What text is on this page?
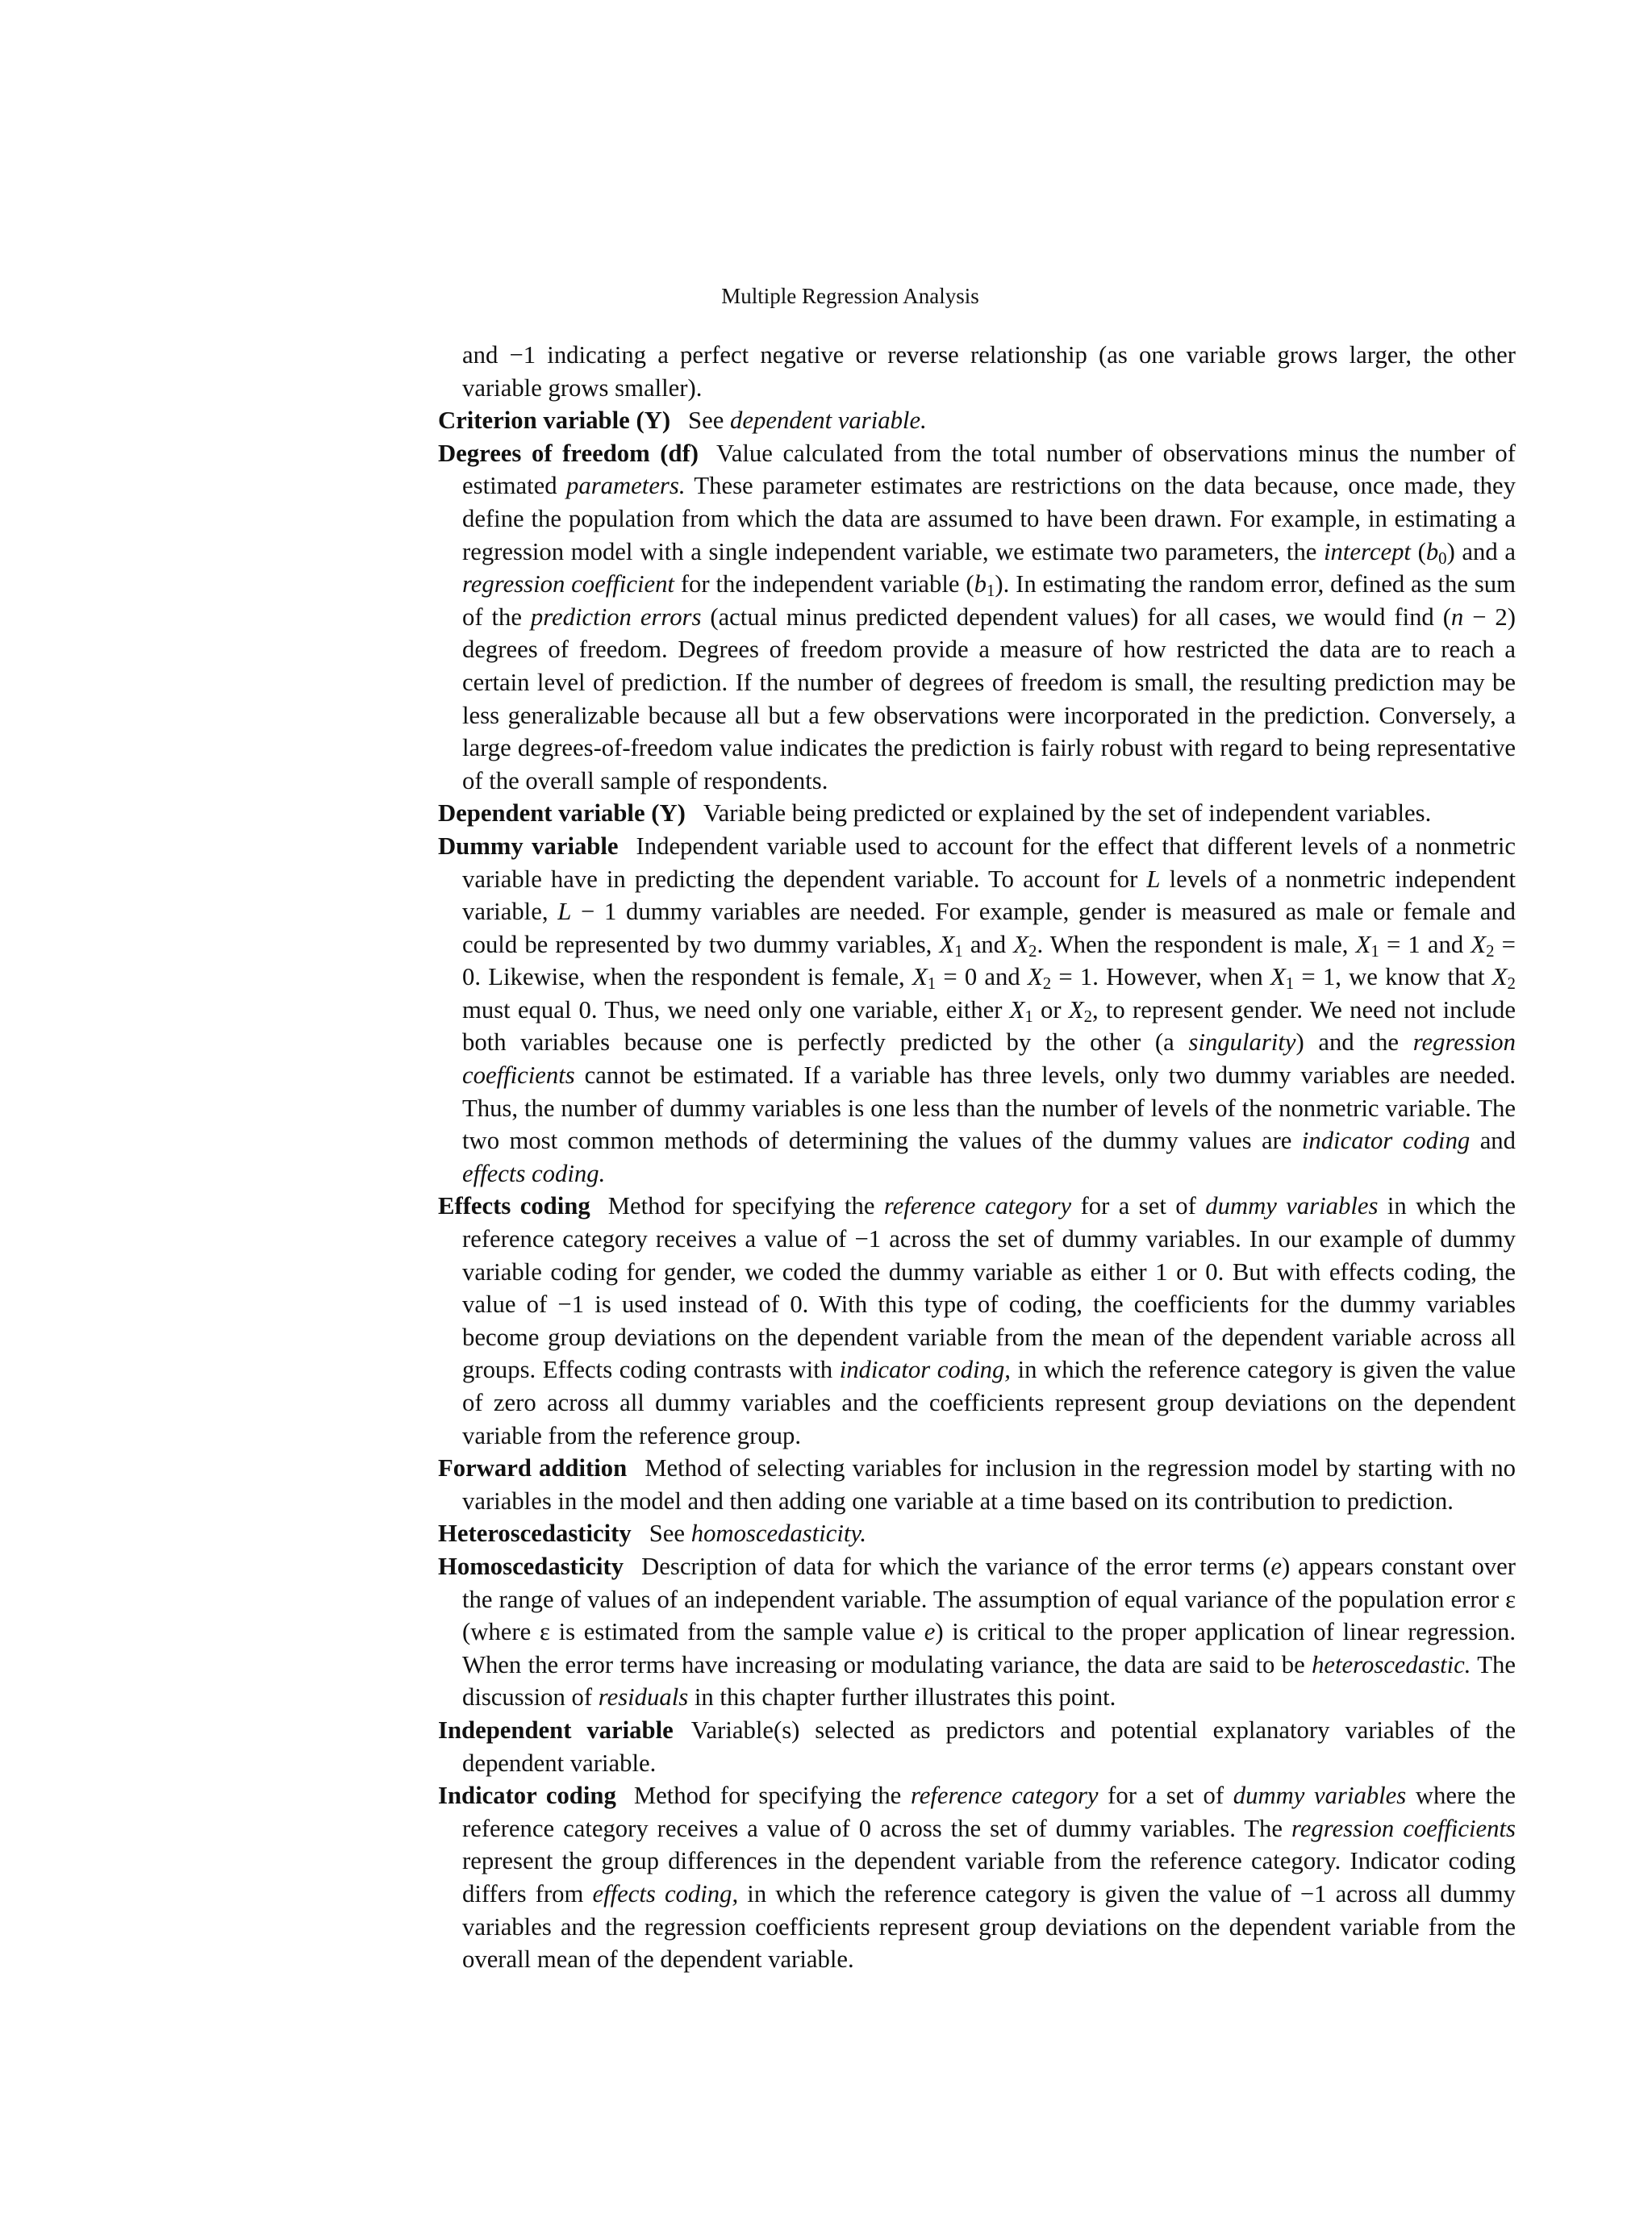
Multiple Regression Analysis

and −1 indicating a perfect negative or reverse relationship (as one variable grows larger, the other variable grows smaller).

Criterion variable (Y) See dependent variable.

Degrees of freedom (df) Value calculated from the total number of observations minus the number of estimated parameters. These parameter estimates are restrictions on the data because, once made, they define the population from which the data are assumed to have been drawn. For example, in estimating a regression model with a single independent variable, we estimate two parameters, the intercept $(b_0)$ and a regression coefficient for the independent variable $(b_1)$. In estimating the random error, defined as the sum of the prediction errors (actual minus predicted dependent values) for all cases, we would find (n − 2) degrees of freedom. Degrees of freedom provide a measure of how restricted the data are to reach a certain level of prediction. If the number of degrees of freedom is small, the resulting prediction may be less generalizable because all but a few observations were incorporated in the prediction. Conversely, a large degrees-of-freedom value indicates the prediction is fairly robust with regard to being representative of the overall sample of respondents.

Dependent variable (Y) Variable being predicted or explained by the set of independent variables.

Dummy variable Independent variable used to account for the effect that different levels of a nonmetric variable have in predicting the dependent variable. To account for L levels of a nonmetric independent variable, L − 1 dummy variables are needed. For example, gender is measured as male or female and could be represented by two dummy variables, $X_1$ and $X_2$. When the respondent is male, $X_1 = 1$ and $X_2 = 0$. Likewise, when the respondent is female, $X_1 = 0$ and $X_2 = 1$. However, when $X_1 = 1$, we know that $X_2$ must equal 0. Thus, we need only one variable, either $X_1$ or $X_2$, to represent gender. We need not include both variables because one is perfectly predicted by the other (a singularity) and the regression coefficients cannot be estimated. If a variable has three levels, only two dummy variables are needed. Thus, the number of dummy variables is one less than the number of levels of the nonmetric variable. The two most common methods of determining the values of the dummy values are indicator coding and effects coding.

Effects coding Method for specifying the reference category for a set of dummy variables in which the reference category receives a value of −1 across the set of dummy variables. In our example of dummy variable coding for gender, we coded the dummy variable as either 1 or 0. But with effects coding, the value of −1 is used instead of 0. With this type of coding, the coefficients for the dummy variables become group deviations on the dependent variable from the mean of the dependent variable across all groups. Effects coding contrasts with indicator coding, in which the reference category is given the value of zero across all dummy variables and the coefficients represent group deviations on the dependent variable from the reference group.

Forward addition Method of selecting variables for inclusion in the regression model by starting with no variables in the model and then adding one variable at a time based on its contribution to prediction.

Heteroscedasticity See homoscedasticity.

Homoscedasticity Description of data for which the variance of the error terms (e) appears constant over the range of values of an independent variable. The assumption of equal variance of the population error ε (where ε is estimated from the sample value e) is critical to the proper application of linear regression. When the error terms have increasing or modulating variance, the data are said to be heteroscedastic. The discussion of residuals in this chapter further illustrates this point.

Independent variable Variable(s) selected as predictors and potential explanatory variables of the dependent variable.

Indicator coding Method for specifying the reference category for a set of dummy variables where the reference category receives a value of 0 across the set of dummy variables. The regression coefficients represent the group differences in the dependent variable from the reference category. Indicator coding differs from effects coding, in which the reference category is given the value of −1 across all dummy variables and the regression coefficients represent group deviations on the dependent variable from the overall mean of the dependent variable.
